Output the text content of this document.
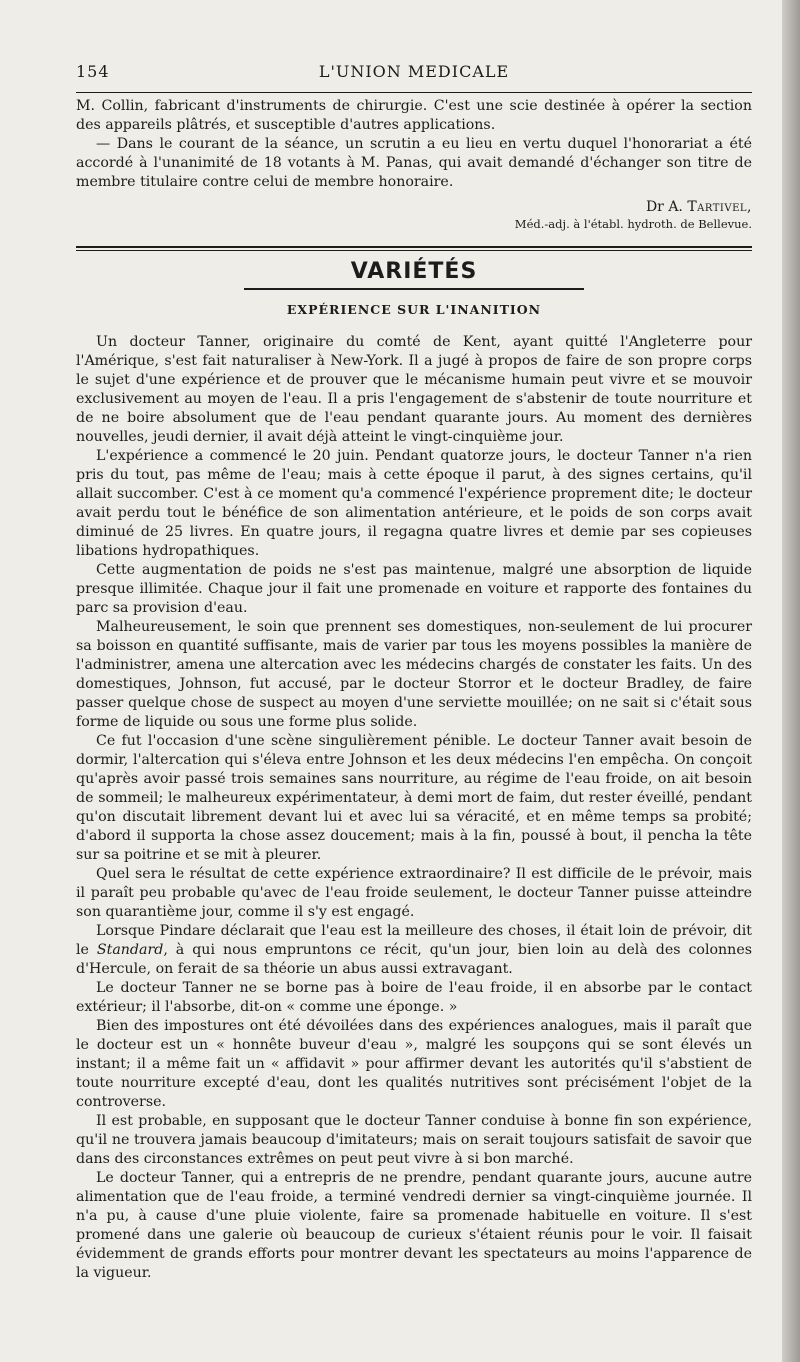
154	L'UNION MEDICALE

M. Collin, fabricant d'instruments de chirurgie. C'est une scie destinée à opérer la section des appareils plâtrés, et susceptible d'autres applications.

— Dans le courant de la séance, un scrutin a eu lieu en vertu duquel l'honorariat a été accordé à l'unanimité de 18 votants à M. Panas, qui avait demandé d'échanger son titre de membre titulaire contre celui de membre honoraire.

Dr A. Tartivel,
Méd.-adj. à l'établ. hydroth. de Bellevue.
VARIÉTÉS
EXPÉRIENCE SUR L'INANITION

Un docteur Tanner, originaire du comté de Kent, ayant quitté l'Angleterre pour l'Amérique, s'est fait naturaliser à New-York. Il a jugé à propos de faire de son propre corps le sujet d'une expérience et de prouver que le mécanisme humain peut vivre et se mouvoir exclusivement au moyen de l'eau. Il a pris l'engagement de s'abstenir de toute nourriture et de ne boire absolument que de l'eau pendant quarante jours. Au moment des dernières nouvelles, jeudi dernier, il avait déjà atteint le vingt-cinquième jour.

L'expérience a commencé le 20 juin. Pendant quatorze jours, le docteur Tanner n'a rien pris du tout, pas même de l'eau; mais à cette époque il parut, à des signes certains, qu'il allait succomber. C'est à ce moment qu'a commencé l'expérience proprement dite; le docteur avait perdu tout le bénéfice de son alimentation antérieure, et le poids de son corps avait diminué de 25 livres. En quatre jours, il regagna quatre livres et demie par ses copieuses libations hydropathiques.

Cette augmentation de poids ne s'est pas maintenue, malgré une absorption de liquide presque illimitée. Chaque jour il fait une promenade en voiture et rapporte des fontaines du parc sa provision d'eau.

Malheureusement, le soin que prennent ses domestiques, non-seulement de lui procurer sa boisson en quantité suffisante, mais de varier par tous les moyens possibles la manière de l'administrer, amena une altercation avec les médecins chargés de constater les faits. Un des domestiques, Johnson, fut accusé, par le docteur Storror et le docteur Bradley, de faire passer quelque chose de suspect au moyen d'une serviette mouillée; on ne sait si c'était sous forme de liquide ou sous une forme plus solide.

Ce fut l'occasion d'une scène singulièrement pénible. Le docteur Tanner avait besoin de dormir, l'altercation qui s'éleva entre Johnson et les deux médecins l'en empêcha. On conçoit qu'après avoir passé trois semaines sans nourriture, au régime de l'eau froide, on ait besoin de sommeil; le malheureux expérimentateur, à demi mort de faim, dut rester éveillé, pendant qu'on discutait librement devant lui et avec lui sa véracité, et en même temps sa probité; d'abord il supporta la chose assez doucement; mais à la fin, poussé à bout, il pencha la tête sur sa poitrine et se mit à pleurer.

Quel sera le résultat de cette expérience extraordinaire? Il est difficile de le prévoir, mais il paraît peu probable qu'avec de l'eau froide seulement, le docteur Tanner puisse atteindre son quarantième jour, comme il s'y est engagé.

Lorsque Pindare déclarait que l'eau est la meilleure des choses, il était loin de prévoir, dit le Standard, à qui nous empruntons ce récit, qu'un jour, bien loin au delà des colonnes d'Hercule, on ferait de sa théorie un abus aussi extravagant.

Le docteur Tanner ne se borne pas à boire de l'eau froide, il en absorbe par le contact extérieur; il l'absorbe, dit-on « comme une éponge. »

Bien des impostures ont été dévoilées dans des expériences analogues, mais il paraît que le docteur est un « honnête buveur d'eau », malgré les soupçons qui se sont élevés un instant; il a même fait un « affidavit » pour affirmer devant les autorités qu'il s'abstient de toute nourriture excepté d'eau, dont les qualités nutritives sont précisément l'objet de la controverse.

Il est probable, en supposant que le docteur Tanner conduise à bonne fin son expérience, qu'il ne trouvera jamais beaucoup d'imitateurs; mais on serait toujours satisfait de savoir que dans des circonstances extrêmes on peut peut vivre à si bon marché.

Le docteur Tanner, qui a entrepris de ne prendre, pendant quarante jours, aucune autre alimentation que de l'eau froide, a terminé vendredi dernier sa vingt-cinquième journée. Il n'a pu, à cause d'une pluie violente, faire sa promenade habituelle en voiture. Il s'est promené dans une galerie où beaucoup de curieux s'étaient réunis pour le voir. Il faisait évidemment de grands efforts pour montrer devant les spectateurs au moins l'apparence de la vigueur.
